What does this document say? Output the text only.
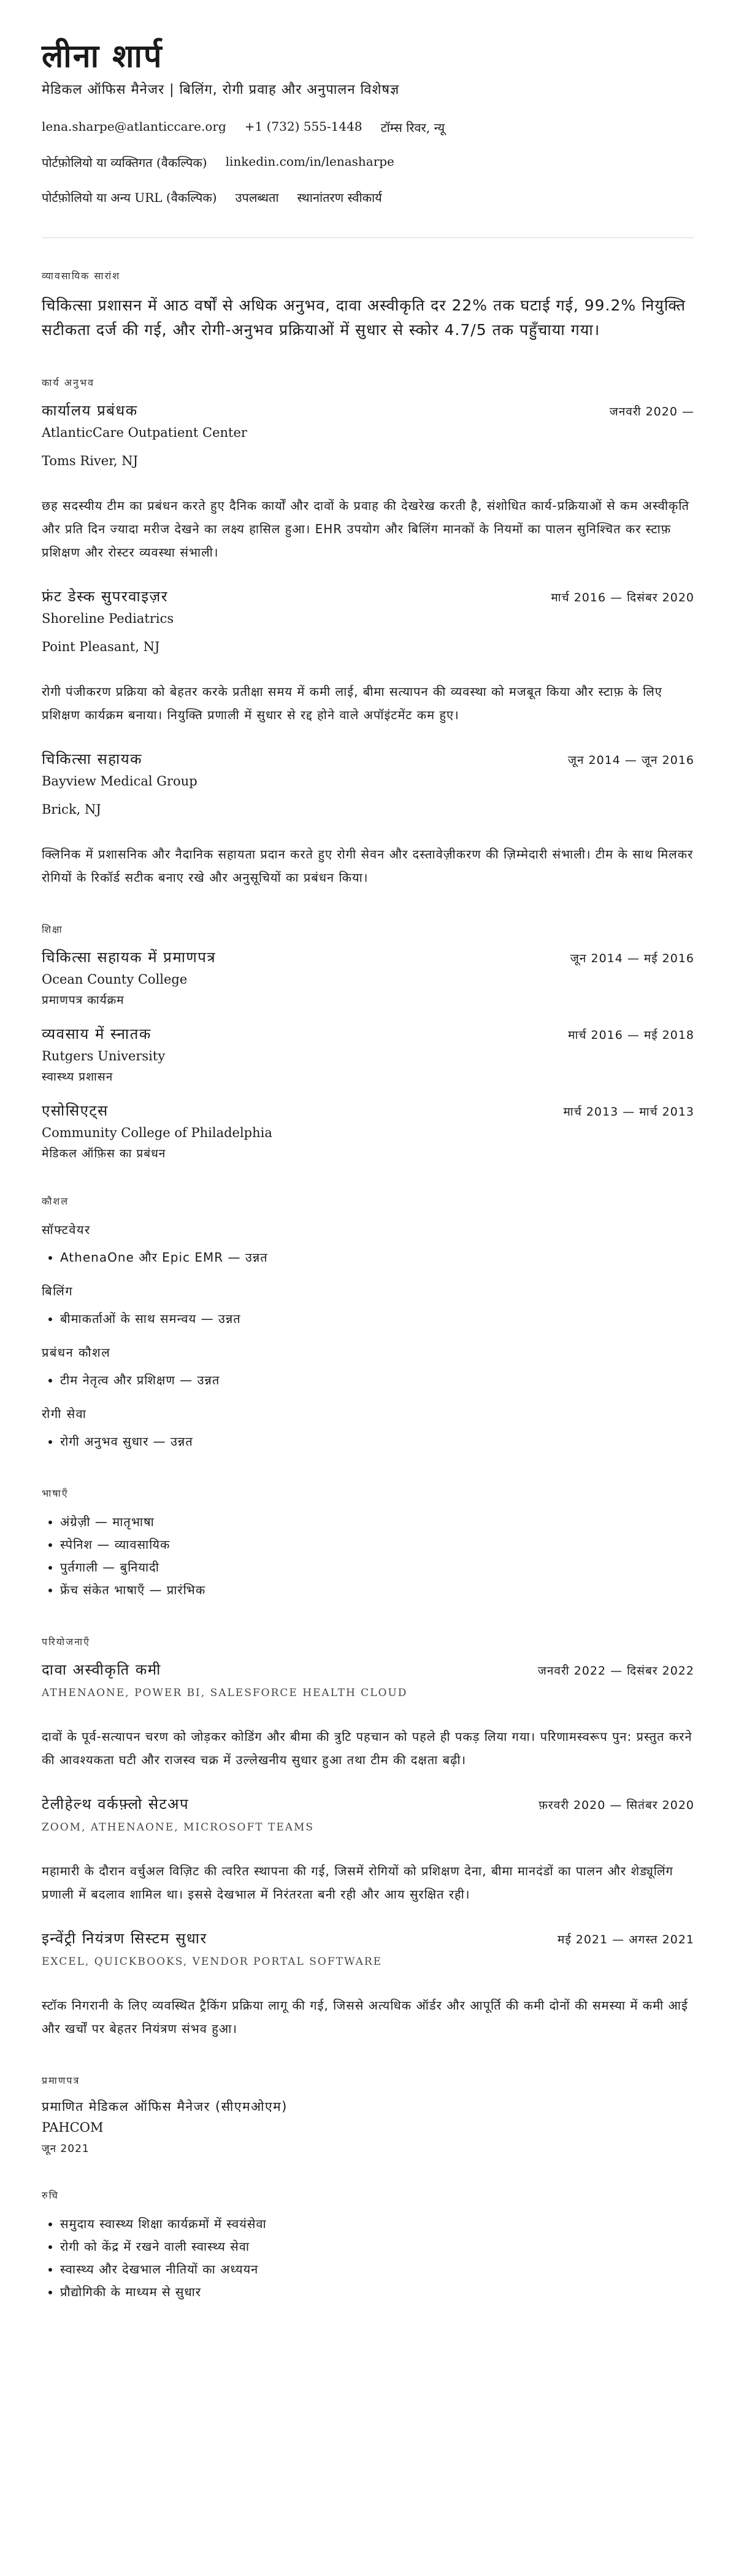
लीना शार्प
मेडिकल ऑफिस मैनेजर | बिलिंग, रोगी प्रवाह और अनुपालन विशेषज्ञ
lena.sharpe@atlanticcare.org +1 (732) 555-1448 टॉम्स रिवर, न्यू
पोर्टफ़ोलियो या व्यक्तिगत (वैकल्पिक) linkedin.com/in/lenasharpe
पोर्टफ़ोलियो या अन्य URL (वैकल्पिक) उपलब्धता स्थानांतरण स्वीकार्य
व्यावसायिक सारांश
चिकित्सा प्रशासन में आठ वर्षों से अधिक अनुभव, दावा अस्वीकृति दर 22% तक घटाई गई, 99.2% नियुक्ति सटीकता दर्ज की गई, और रोगी-अनुभव प्रक्रियाओं में सुधार से स्कोर 4.7/5 तक पहुँचाया गया।
कार्य अनुभव
कार्यालय प्रबंधक	जनवरी 2020 —
AtlanticCare Outpatient Center
Toms River, NJ
छह सदस्यीय टीम का प्रबंधन करते हुए दैनिक कार्यों और दावों के प्रवाह की देखरेख करती है, संशोधित कार्य-प्रक्रियाओं से कम अस्वीकृति और प्रति दिन ज्यादा मरीज देखने का लक्ष्य हासिल हुआ। EHR उपयोग और बिलिंग मानकों के नियमों का पालन सुनिश्चित कर स्टाफ़ प्रशिक्षण और रोस्टर व्यवस्था संभाली।
फ्रंट डेस्क सुपरवाइज़र	मार्च 2016 — दिसंबर 2020
Shoreline Pediatrics
Point Pleasant, NJ
रोगी पंजीकरण प्रक्रिया को बेहतर करके प्रतीक्षा समय में कमी लाई, बीमा सत्यापन की व्यवस्था को मजबूत किया और स्टाफ़ के लिए प्रशिक्षण कार्यक्रम बनाया। नियुक्ति प्रणाली में सुधार से रद्द होने वाले अपॉइंटमेंट कम हुए।
चिकित्सा सहायक	जून 2014 — जून 2016
Bayview Medical Group
Brick, NJ
क्लिनिक में प्रशासनिक और नैदानिक सहायता प्रदान करते हुए रोगी सेवन और दस्तावेज़ीकरण की ज़िम्मेदारी संभाली। टीम के साथ मिलकर रोगियों के रिकॉर्ड सटीक बनाए रखे और अनुसूचियों का प्रबंधन किया।
शिक्षा
चिकित्सा सहायक में प्रमाणपत्र	जून 2014 — मई 2016
Ocean County College
प्रमाणपत्र कार्यक्रम
व्यवसाय में स्नातक	मार्च 2016 — मई 2018
Rutgers University
स्वास्थ्य प्रशासन
एसोसिएट्स	मार्च 2013 — मार्च 2013
Community College of Philadelphia
मेडिकल ऑफ़िस का प्रबंधन
कौशल
सॉफ्टवेयर
• AthenaOne और Epic EMR — उन्नत
बिलिंग
• बीमाकर्ताओं के साथ समन्वय — उन्नत
प्रबंधन कौशल
• टीम नेतृत्व और प्रशिक्षण — उन्नत
रोगी सेवा
• रोगी अनुभव सुधार — उन्नत
भाषाएँ
• अंग्रेज़ी — मातृभाषा
• स्पेनिश — व्यावसायिक
• पुर्तगाली — बुनियादी
• फ्रेंच संकेत भाषाएँ — प्रारंभिक
परियोजनाएँ
दावा अस्वीकृति कमी	जनवरी 2022 — दिसंबर 2022
ATHENAONE, POWER BI, SALESFORCE HEALTH CLOUD
दावों के पूर्व-सत्यापन चरण को जोड़कर कोडिंग और बीमा की त्रुटि पहचान को पहले ही पकड़ लिया गया। परिणामस्वरूप पुन: प्रस्तुत करने की आवश्यकता घटी और राजस्व चक्र में उल्लेखनीय सुधार हुआ तथा टीम की दक्षता बढ़ी।
टेलीहेल्थ वर्कफ़्लो सेटअप	फ़रवरी 2020 — सितंबर 2020
ZOOM, ATHENAONE, MICROSOFT TEAMS
महामारी के दौरान वर्चुअल विज़िट की त्वरित स्थापना की गई, जिसमें रोगियों को प्रशिक्षण देना, बीमा मानदंडों का पालन और शेड्यूलिंग प्रणाली में बदलाव शामिल था। इससे देखभाल में निरंतरता बनी रही और आय सुरक्षित रही।
इन्वेंट्री नियंत्रण सिस्टम सुधार	मई 2021 — अगस्त 2021
EXCEL, QUICKBOOKS, VENDOR PORTAL SOFTWARE
स्टॉक निगरानी के लिए व्यवस्थित ट्रैकिंग प्रक्रिया लागू की गई, जिससे अत्यधिक ऑर्डर और आपूर्ति की कमी दोनों की समस्या में कमी आई और खर्चों पर बेहतर नियंत्रण संभव हुआ।
प्रमाणपत्र
प्रमाणित मेडिकल ऑफिस मैनेजर (सीएमओएम)
PAHCOM
जून 2021
रुचि
• समुदाय स्वास्थ्य शिक्षा कार्यक्रमों में स्वयंसेवा
• रोगी को केंद्र में रखने वाली स्वास्थ्य सेवा
• स्वास्थ्य और देखभाल नीतियों का अध्ययन
• प्रौद्योगिकी के माध्यम से सुधार
